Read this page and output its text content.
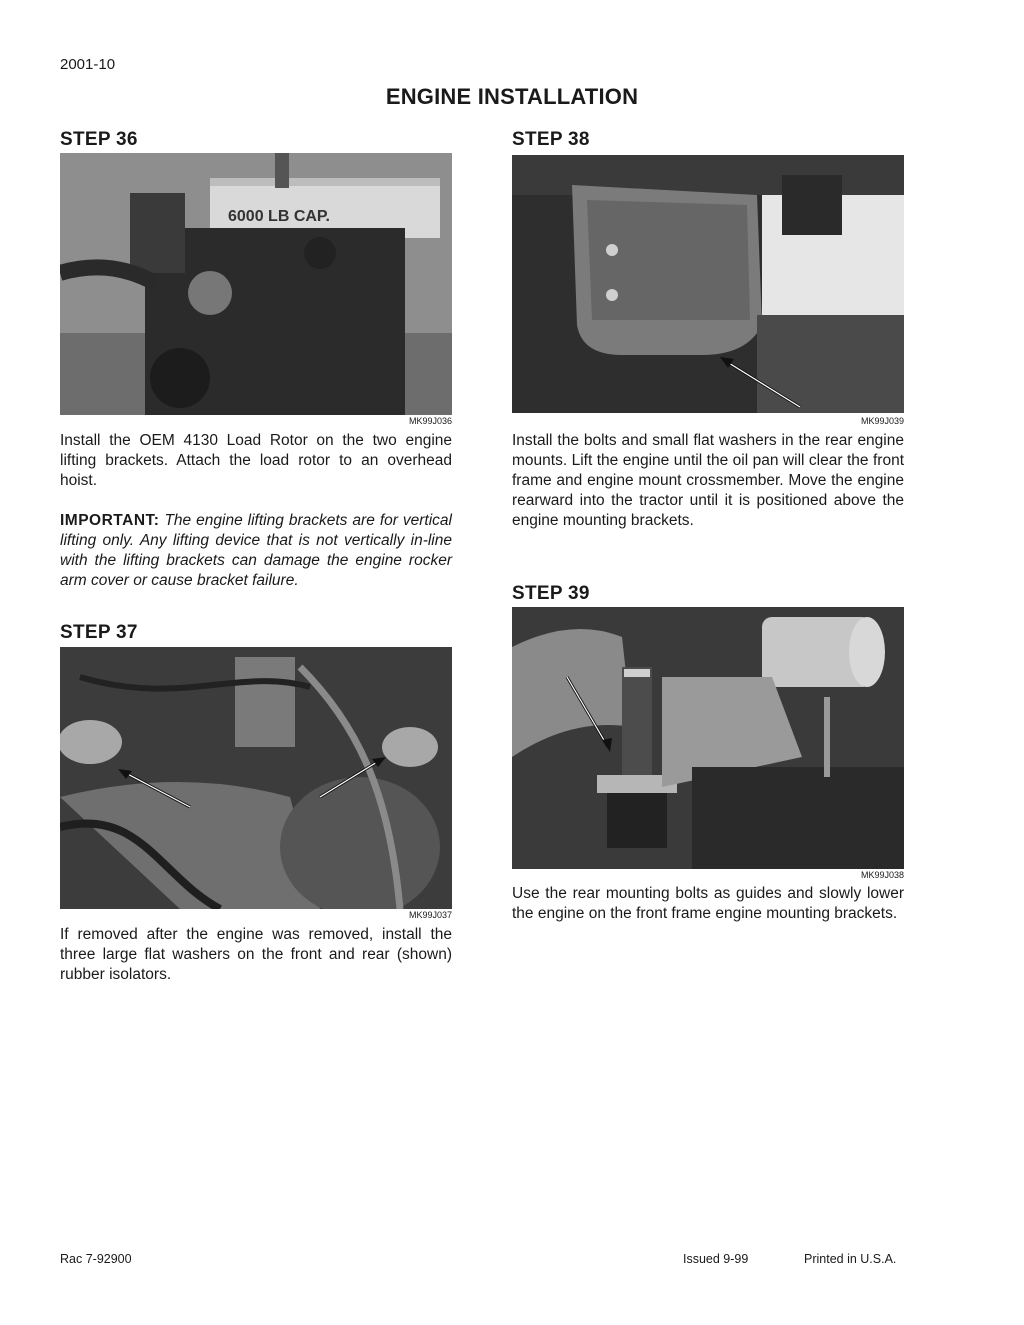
2001-10
ENGINE INSTALLATION
STEP 36
6000 LB CAP.
MK99J036
Install the OEM 4130 Load Rotor on the two engine lifting brackets. Attach the load rotor to an overhead hoist.
IMPORTANT: The engine lifting brackets are for vertical lifting only. Any lifting device that is not vertically in-line with the lifting brackets can damage the engine rocker arm cover or cause bracket failure.
STEP 37
MK99J037
If removed after the engine was removed, install the three large flat washers on the front and rear (shown) rubber isolators.
STEP 38
MK99J039
Install the bolts and small flat washers in the rear engine mounts. Lift the engine until the oil pan will clear the front frame and engine mount crossmember. Move the engine rearward into the tractor until it is positioned above the engine mounting brackets.
STEP 39
MK99J038
Use the rear mounting bolts as guides and slowly lower the engine on the front frame engine mounting brackets.
Rac 7-92900	Issued 9-99	Printed in U.S.A.
